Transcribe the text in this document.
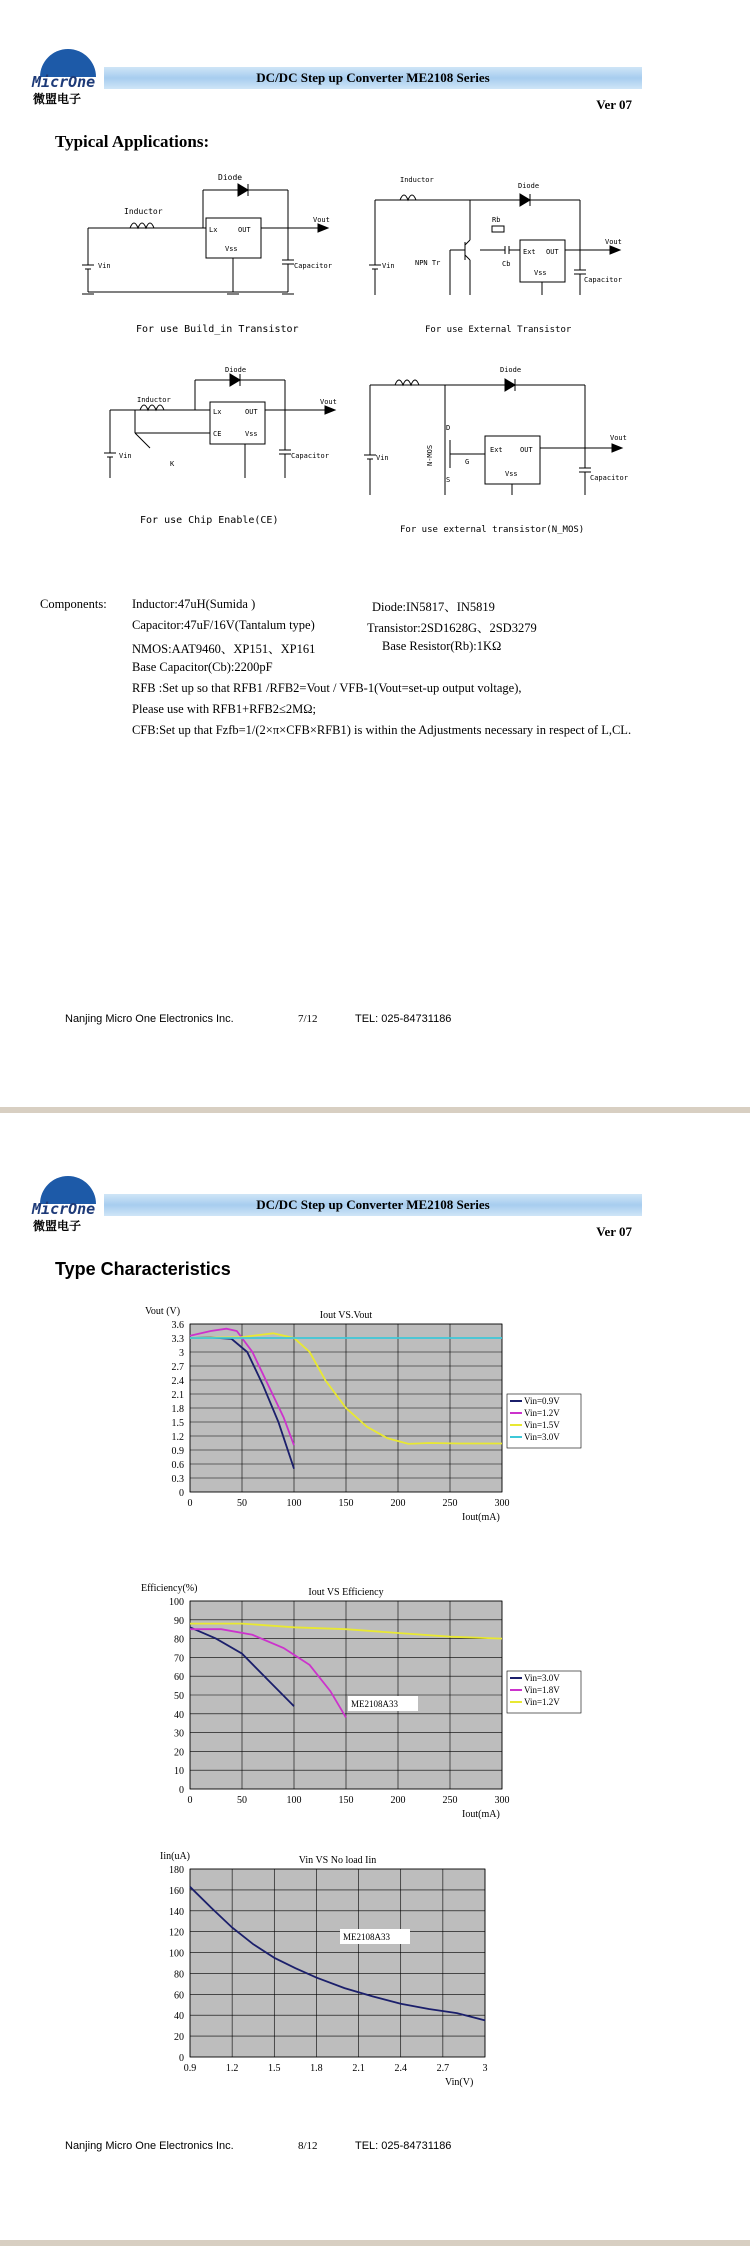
MicrOne
微盟电子
DC/DC Step up Converter ME2108 Series
Ver 07
Typical Applications:
Inductor
Diode
Lx	OUT
Vss
Vout
Capacitor
Vin
For use Build_in Transistor
Inductor
Diode
Rb
Cb
Ext OUT
Vss
Vout
Capacitor
Vin	NPN Tr
For use External Transistor
Inductor
Diode
Lx	OUT
CE	Vss
Vout
Capacitor
Vin
K
For use Chip Enable(CE)
Diode
D
G
S
N-MOS	Ext OUT
Vss
Vout
Capacitor
Vin
For use external transistor(N_MOS)
Components: Inductor:47uH(Sumida )	Diode:IN5817、IN5819
Capacitor:47uF/16V(Tantalum type)	Transistor:2SD1628G、2SD3279
NMOS:AAT9460、XP151、XP161	Base Resistor(Rb):1KΩ
Base Capacitor(Cb):2200pF
RFB :Set up so that RFB1 /RFB2=Vout / VFB-1(Vout=set-up output voltage),
Please use with RFB1+RFB2≤2MΩ;
CFB:Set up that Fzfb=1/(2×π×CFB×RFB1) is within the Adjustments necessary in respect of L,CL.
Nanjing Micro One Electronics Inc.	7/12	TEL: 025-84731186
MicrOne
微盟电子
DC/DC Step up Converter ME2108 Series
Ver 07
Type Characteristics
0
0.3
0.6
0.9
1.2
1.5
1.8
2.1
2.4
2.7
3
3.3
3.6
0	50	100	150	200	250	300
Iout VS.Vout
Vout (V)
Iout(mA)
Vin=0.9V
Vin=1.2V
Vin=1.5V
Vin=3.0V
0
10
20
30
40
50
60
70
80
90
100
0	50	100	150	200	250	300
Iout VS Efficiency
Efficiency(%)
Iout(mA)
Vin=3.0V
Vin=1.8V
Vin=1.2V
ME2108A33
0
20
40
60
80
100
120
140
160
180
0.9	1.2	1.5	1.8	2.1	2.4	2.7	3
Vin VS No load Iin
Iin(uA)
Vin(V)
ME2108A33
Nanjing Micro One Electronics Inc.	8/12	TEL: 025-84731186
